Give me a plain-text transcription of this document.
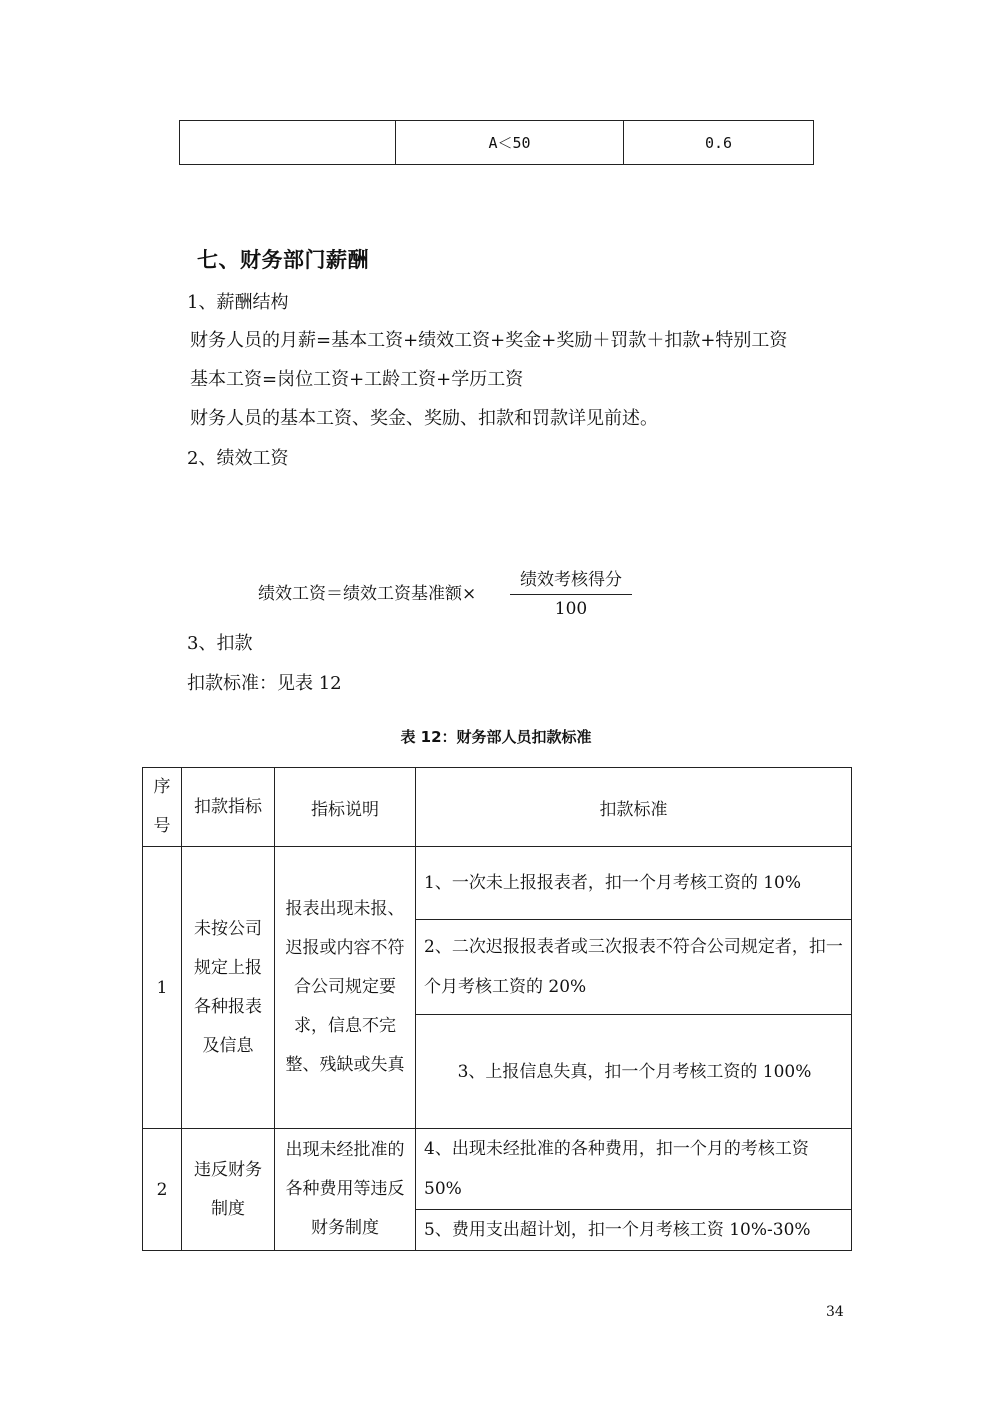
	A＜50	0.6
七、财务部门薪酬
1、薪酬结构
财务人员的月薪=基本工资+绩效工资+奖金+奖励＋罚款＋扣款+特别工资
基本工资=岗位工资+工龄工资+学历工资
财务人员的基本工资、奖金、奖励、扣款和罚款详见前述。
2、绩效工资
绩效工资＝绩效工资基准额×
绩效考核得分
100
3、扣款
扣款标准：见表 12
表 12：财务部人员扣款标准
序号	扣款指标	指标说明	扣款标准
1	未按公司规定上报各种报表及信息	报表出现未报、迟报或内容不符合公司规定要求，信息不完整、残缺或失真	1、一次未上报报表者，扣一个月考核工资的 10%
			2、二次迟报报表者或三次报表不符合公司规定者，扣一个月考核工资的 20%
			3、上报信息失真，扣一个月考核工资的 100%
2	违反财务制度	出现未经批准的各种费用等违反财务制度	4、出现未经批准的各种费用，扣一个月的考核工资 50%
			5、费用支出超计划，扣一个月考核工资 10%-30%
34
